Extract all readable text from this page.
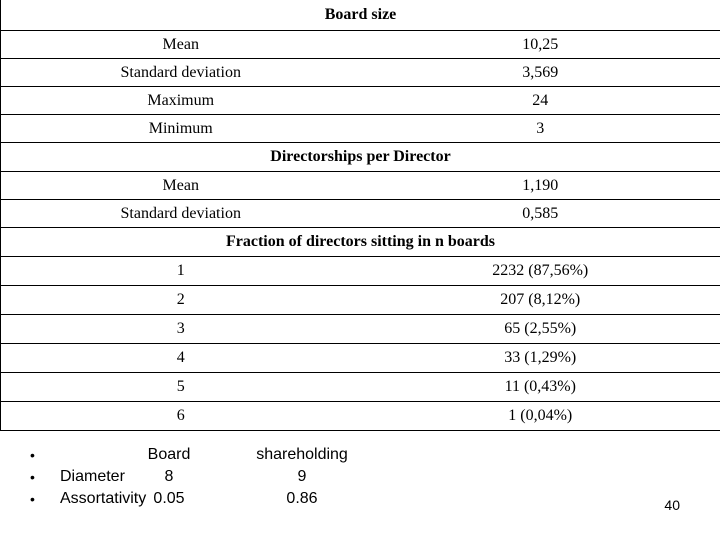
Board size	
Mean	10,25
Standard deviation	3,569
Maximum	24
Minimum	3
Directorships per Director	
Mean	1,190
Standard deviation	0,585
Fraction of directors sitting in n boards	
1	2232 (87,56%)
2	207 (8,12%)
3	65 (2,55%)
4	33 (1,29%)
5	11 (0,43%)
6	1 (0,04%)
•	Board	shareholding
• Diameter	8	9
• Assortativity 0.05	0.86	40
